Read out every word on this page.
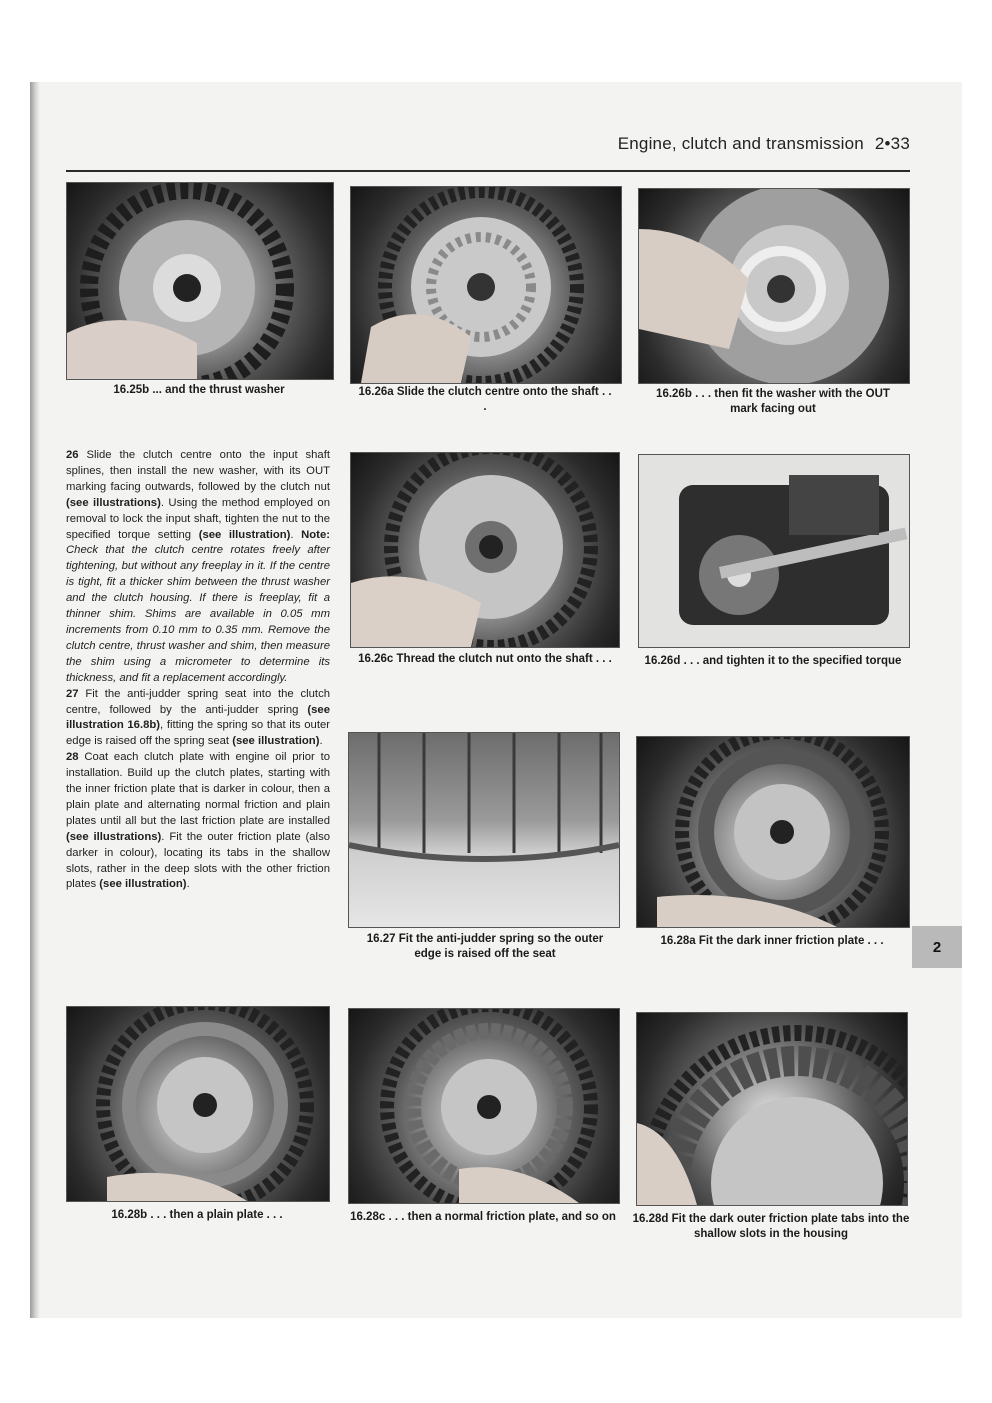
Engine, clutch and transmission 2•33
16.25b ... and the thrust washer	16.26a Slide the clutch centre onto the shaft . . .
16.26b . . . then fit the washer with the OUT mark facing out
16.26c Thread the clutch nut onto the shaft . . .	16.26d . . . and tighten it to the specified torque
16.27 Fit the anti-judder spring so the outer edge is raised off the seat
16.28a Fit the dark inner friction plate . . .	2
16.28b . . . then a plain plate . . .	16.28c . . . then a normal friction plate, and so on	16.28d Fit the dark outer friction plate tabs into the shallow slots in the housing

26 Slide the clutch centre onto the input shaft splines, then install the new washer, with its OUT marking facing outwards, followed by the clutch nut (see illustrations). Using the method employed on removal to lock the input shaft, tighten the nut to the specified torque setting (see illustration). Note: Check that the clutch centre rotates freely after tightening, but without any freeplay in it. If the centre is tight, fit a thicker shim between the thrust washer and the clutch housing. If there is freeplay, fit a thinner shim. Shims are available in 0.05 mm increments from 0.10 mm to 0.35 mm. Remove the clutch centre, thrust washer and shim, then measure the shim using a micrometer to determine its thickness, and fit a replacement accordingly.

27 Fit the anti-judder spring seat into the clutch centre, followed by the anti-judder spring (see illustration 16.8b), fitting the spring so that its outer edge is raised off the spring seat (see illustration).

28 Coat each clutch plate with engine oil prior to installation. Build up the clutch plates, starting with the inner friction plate that is darker in colour, then a plain plate and alternating normal friction and plain plates until all but the last friction plate are installed (see illustrations). Fit the outer friction plate (also darker in colour), locating its tabs in the shallow slots, rather in the deep slots with the other friction plates (see illustration).
